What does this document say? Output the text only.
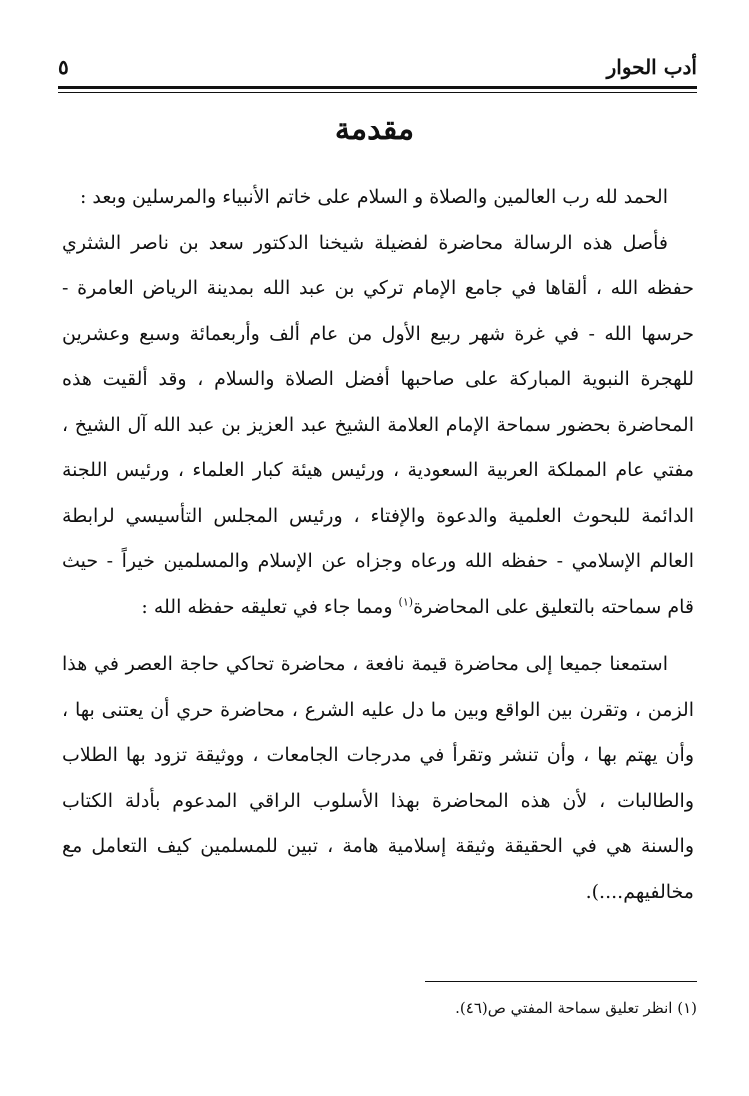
أدب الحوار
٥
مقدمة

الحمد لله رب العالمين والصلاة و السلام على خاتم الأنبياء والمرسلين وبعد :

فأصل هذه الرسالة محاضرة لفضيلة شيخنا الدكتور سعد بن ناصر الشثري حفظه الله ، ألقاها في جامع الإمام تركي بن عبد الله بمدينة الرياض العامرة - حرسها الله - في غرة شهر ربيع الأول من عام ألف وأربعمائة وسبع وعشرين للهجرة النبوية المباركة على صاحبها أفضل الصلاة والسلام ، وقد ألقيت هذه المحاضرة بحضور سماحة الإمام العلامة الشيخ عبد العزيز بن عبد الله آل الشيخ ، مفتي عام المملكة العربية السعودية ، ورئيس هيئة كبار العلماء ، ورئيس اللجنة الدائمة للبحوث العلمية والدعوة والإفتاء ، ورئيس المجلس التأسيسي لرابطة العالم الإسلامي - حفظه الله ورعاه وجزاه عن الإسلام والمسلمين خيراً - حيث قام سماحته بالتعليق على المحاضرة$^{(١)}$ ومما جاء في تعليقه حفظه الله :

استمعنا جميعا إلى محاضرة قيمة نافعة ، محاضرة تحاكي حاجة العصر في هذا الزمن ، وتقرن بين الواقع وبين ما دل عليه الشرع ، محاضرة حري أن يعتنى بها ، وأن يهتم بها ، وأن تنشر وتقرأ في مدرجات الجامعات ، ووثيقة تزود بها الطلاب والطالبات ، لأن هذه المحاضرة بهذا الأسلوب الراقي المدعوم بأدلة الكتاب والسنة هي في الحقيقة وثيقة إسلامية هامة ، تبين للمسلمين كيف التعامل مع مخالفيهم....).

(١) انظر تعليق سماحة المفتي ص(٤٦).
